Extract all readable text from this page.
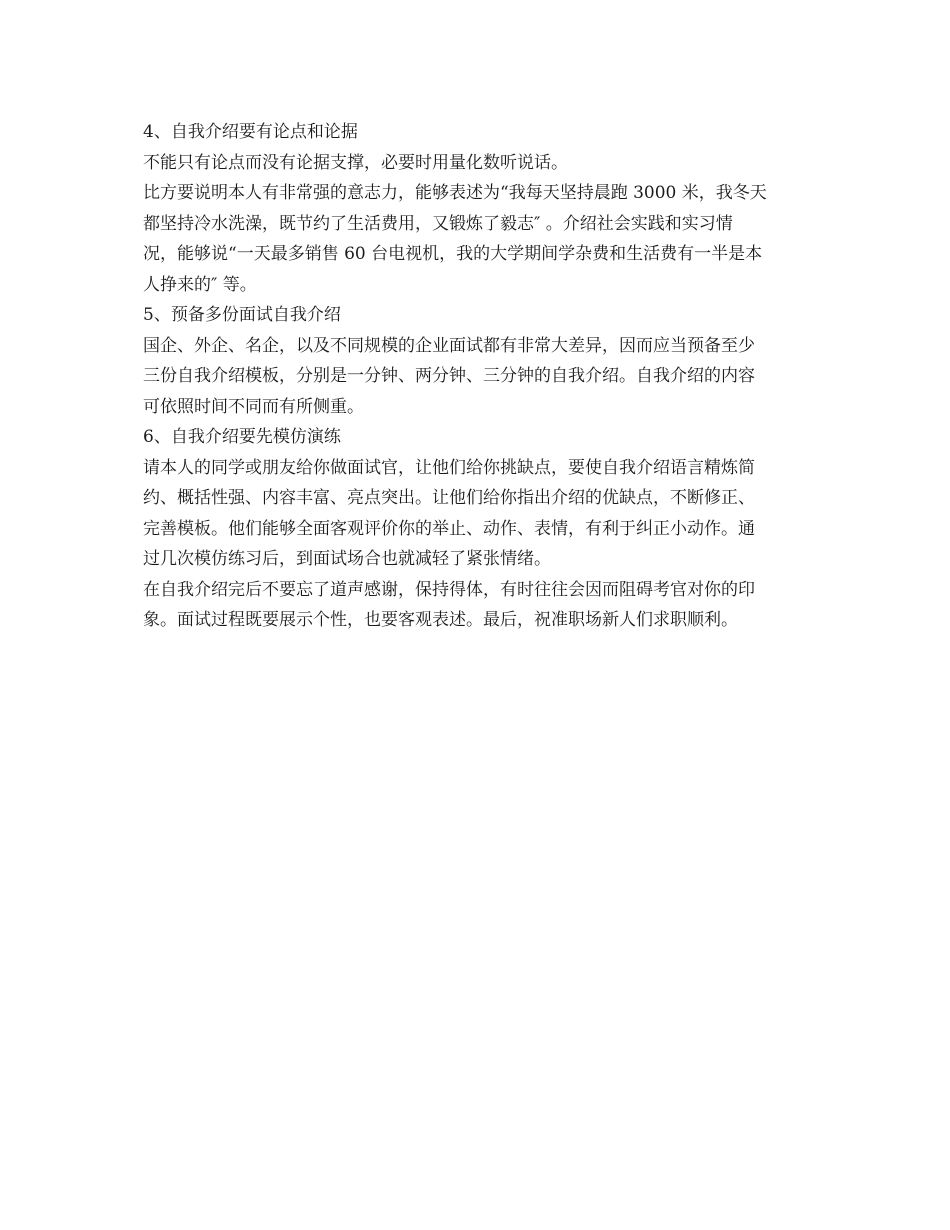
4、自我介绍要有论点和论据

不能只有论点而没有论据支撑，必要时用量化数听说话。

比方要说明本人有非常强的意志力，能够表述为“我每天坚持晨跑 3000 米，我冬天

都坚持冷水洗澡，既节约了生活费用，又锻炼了毅志″ 。介绍社会实践和实习情

况，能够说“一天最多销售 60 台电视机，我的大学期间学杂费和生活费有一半是本

人挣来的″ 等。

5、预备多份面试自我介绍

国企、外企、名企，以及不同规模的企业面试都有非常大差异，因而应当预备至少

三份自我介绍模板，分别是一分钟、两分钟、三分钟的自我介绍。自我介绍的内容

可依照时间不同而有所侧重。

6、自我介绍要先模仿演练

请本人的同学或朋友给你做面试官，让他们给你挑缺点，要使自我介绍语言精炼简

约、概括性强、内容丰富、亮点突出。让他们给你指出介绍的优缺点，不断修正、

完善模板。他们能够全面客观评价你的举止、动作、表情，有利于纠正小动作。通

过几次模仿练习后，到面试场合也就减轻了紧张情绪。

在自我介绍完后不要忘了道声感谢，保持得体，有时往往会因而阻碍考官对你的印

象。面试过程既要展示个性，也要客观表述。最后，祝准职场新人们求职顺利。
